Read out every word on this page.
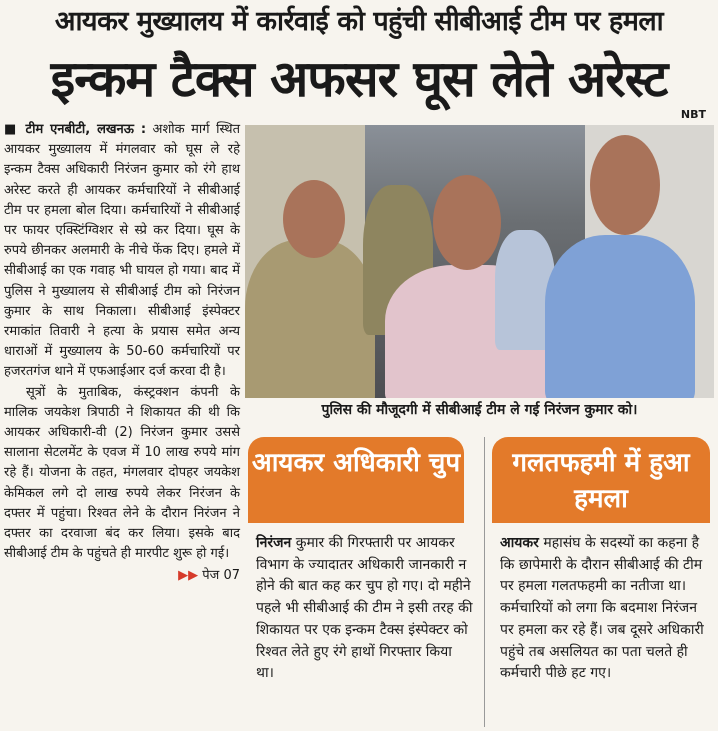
आयकर मुख्यालय में कार्रवाई को पहुंची सीबीआई टीम पर हमला
इन्कम टैक्स अफसर घूस लेते अरेस्ट
NBT

■ टीम एनबीटी, लखनऊ : अशोक मार्ग स्थित आयकर मुख्यालय में मंगलवार को घूस ले रहे इन्कम टैक्स अधिकारी निरंजन कुमार को रंगे हाथ अरेस्ट करते ही आयकर कर्मचारियों ने सीबीआई टीम पर हमला बोल दिया। कर्मचारियों ने सीबीआई पर फायर एक्स्टिंग्विशर से स्प्रे कर दिया। घूस के रुपये छीनकर अलमारी के नीचे फेंक दिए। हमले में सीबीआई का एक गवाह भी घायल हो गया। बाद में पुलिस ने मुख्यालय से सीबीआई टीम को निरंजन कुमार के साथ निकाला। सीबीआई इंस्पेक्टर रमाकांत तिवारी ने हत्या के प्रयास समेत अन्य धाराओं में मुख्यालय के 50-60 कर्मचारियों पर हजरतगंज थाने में एफआईआर दर्ज करवा दी है।

सूत्रों के मुताबिक, कंस्ट्रक्शन कंपनी के मालिक जयकेश त्रिपाठी ने शिकायत की थी कि आयकर अधिकारी-वी (2) निरंजन कुमार उससे सालाना सेटलमेंट के एवज में 10 लाख रुपये मांग रहे हैं। योजना के तहत, मंगलवार दोपहर जयकेश केमिकल लगे दो लाख रुपये लेकर निरंजन के दफ्तर में पहुंचा। रिश्वत लेने के दौरान निरंजन ने दफ्तर का दरवाजा बंद कर लिया। इसके बाद सीबीआई टीम के पहुंचते ही मारपीट शुरू हो गई।
▶▶ पेज 07

पुलिस की मौजूदगी में सीबीआई टीम ले गई निरंजन कुमार को।
आयकर अधिकारी चुप
निरंजन कुमार की गिरफ्तारी पर आयकर विभाग के ज्यादातर अधिकारी जानकारी न होने की बात कह कर चुप हो गए। दो महीने पहले भी सीबीआई की टीम ने इसी तरह की शिकायत पर एक इन्कम टैक्स इंस्पेक्टर को रिश्वत लेते हुए रंगे हाथों गिरफ्तार किया था।
गलतफहमी में हुआ हमला
आयकर महासंघ के सदस्यों का कहना है कि छापेमारी के दौरान सीबीआई की टीम पर हमला गलतफहमी का नतीजा था। कर्मचारियों को लगा कि बदमाश निरंजन पर हमला कर रहे हैं। जब दूसरे अधिकारी पहुंचे तब असलियत का पता चलते ही कर्मचारी पीछे हट गए।
